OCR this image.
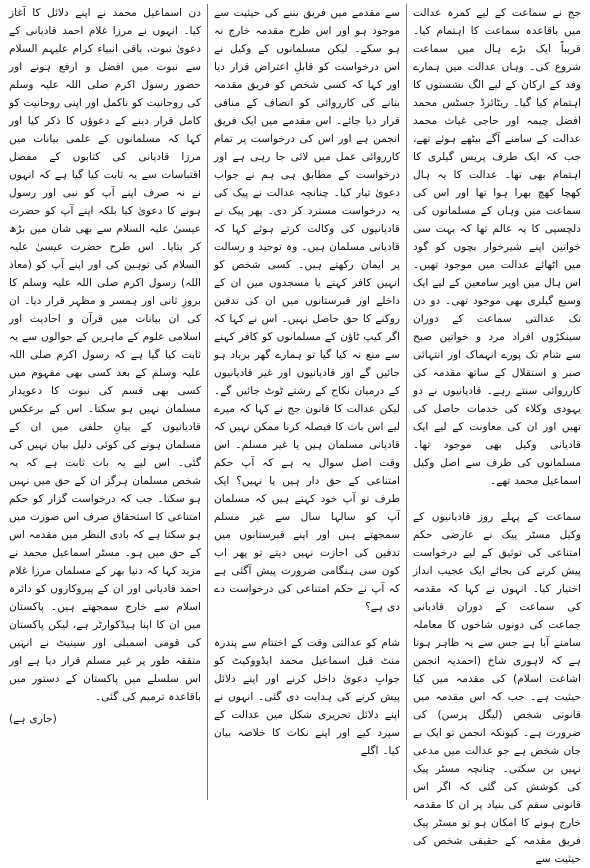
جج نے سماعت کے لیے کمرہ عدالت میں باقاعدہ سماعت کا اہتمام کیا۔ قریباً ایک بڑے ہال میں سماعت شروع کی۔ وہاں عدالت میں ہمارے وفد کے ارکان کے لیے الگ نشستوں کا اہتمام کیا گیا۔ ریٹائرڈ جسٹس محمد افضل چیمہ اور حاجی غیاث محمد عدالت کے سامنے آگے بیٹھے ہوئے تھے، جب کہ ایک طرف پریس گیلری کا اہتمام بھی تھا۔ عدالت کا یہ ہال کھچا کھچ بھرا ہوا تھا اور اس کی سماعت میں وہاں کے مسلمانوں کی دلچسپی کا یہ عالم تھا کہ بہت سی خواتین اپنے شیرخوار بچوں کو گود میں اٹھائے عدالت میں موجود تھیں۔ اس ہال میں اوپر سامعین کے لیے ایک وسیع گیلری بھی موجود تھی۔ دو دن تک عدالتی سماعت کے دوران سینکڑوں افراد مرد و خواتین صبح سے شام تک پورے انہماک اور انتہائی صبر و استقلال کے ساتھ مقدمہ کی کارروائی سنتے رہے۔ قادیانیوں نے دو یہودی وکلاء کی خدمات حاصل کی تھیں اور ان کی معاونت کے لیے ایک قادیانی وکیل بھی موجود تھا۔ مسلمانوں کی طرف سے اصل وکیل اسماعیل محمد تھے۔

سماعت کے پہلے روز قادیانیوں کے وکیل مسٹر پیک نے عارضی حکم امتناعی کی توثیق کے لیے درخواست پیش کرنے کی بجائے ایک عجیب انداز اختیار کیا۔ انہوں نے کہا کہ مقدمہ کی سماعت کے دوران قادیانی جماعت کی دونوں شاخوں کا معاملہ سامنے آیا ہے جس سے یہ ظاہر ہوتا ہے کہ لاہوری شاخ (احمدیہ انجمن اشاعت اسلام) کی مقدمہ میں کیا حیثیت ہے۔ جب کہ اس مقدمہ میں قانونی شخص (لیگل پرسن) کی ضرورت ہے۔ کیونکہ انجمن تو ایک بے جان شخص ہے جو عدالت میں مدعی نہیں بن سکتی۔ چنانچہ مسٹر پیک کی کوشش کی گئی کہ اگر اس قانونی سقم کی بنیاد پر ان کا مقدمہ خارج ہونے کا امکان ہو تو مسٹر پیک فریق مقدمہ کے حقیقی شخص کی حیثیت سے

سے مقدمے میں فریق بننے کی حیثیت سے موجود ہو اور اس طرح مقدمہ خارج نہ ہو سکے۔ لیکن مسلمانوں کے وکیل نے اس درخواست کو قابلِ اعتراض قرار دیا اور کہا کہ کسی شخص کو فریق مقدمہ بنانے کی کارروائی کو انصاف کے منافی قرار دیا جائے۔ اس مقدمے میں ایک فریق انجمن ہے اور اس کی درخواست پر تمام کارروائی عمل میں لائی جا رہی ہے اور درخواست کے مطابق ہی ہم نے جواب دعویٰ تیار کیا۔ چنانچہ عدالت نے پیک کی یہ درخواست مسترد کر دی۔ پھر پیک نے قادیانیوں کی وکالت کرتے ہوئے کہا کہ قادیانی مسلمان ہیں۔ وہ توحید و رسالت پر ایمان رکھتے ہیں۔ کسی شخص کو انہیں کافر کہنے یا مسجدوں میں ان کے داخلے اور قبرستانوں میں ان کی تدفین روکنے کا حق حاصل نہیں۔ اس نے کہا کہ اگر کیپ ٹاؤن کے مسلمانوں کو کافر کہنے سے منع نہ کیا گیا تو ہمارے گھر برباد ہو جائیں گے اور قادیانیوں اور غیر قادیانیوں کے درمیان نکاح کے رشتے ٹوٹ جائیں گے۔ لیکن عدالت کا قانون جج نے کہا کہ میرے لیے اس بات کا فیصلہ کرنا ممکن نہیں کہ قادیانی مسلمان ہیں یا غیر مسلم۔ اس وقت اصل سوال یہ ہے کہ آپ حکم امتناعی کے حق دار ہیں یا نہیں؟ ایک طرف تو آپ خود کہتے ہیں کہ مسلمان آپ کو سالہا سال سے غیر مسلم سمجھتے ہیں اور اپنے قبرستانوں میں تدفین کی اجازت نہیں دیتے تو پھر اب کون سی ہنگامی ضرورت پیش آگئی ہے کہ آپ نے حکم امتناعی کی درخواست دے دی ہے؟

شام کو عدالتی وقت کے اختتام سے پندرہ منٹ قبل اسماعیل محمد ایڈووکیٹ کو جوابِ دعویٰ داخل کرنے اور اپنے دلائل پیش کرنے کی ہدایت دی گئی۔ انہوں نے اپنے دلائل تحریری شکل میں عدالت کے سپرد کیے اور اپنے نکات کا خلاصہ بیان کیا۔ اگلے

دن اسماعیل محمد نے اپنے دلائل کا آغاز کیا۔ انہوں نے مرزا غلام احمد قادیانی کے دعویٰ نبوت، باقی انبیاء کرام علیہم السلام سے نبوت میں افضل و ارفع ہونے اور حضور رسول اکرم صلی اللہ علیہ وسلم کی روحانیت کو ناکمل اور اپنی روحانیت کو کامل قرار دینے کے دعوؤں کا ذکر کیا اور کہا کہ مسلمانوں کے علمی بیانات میں مرزا قادیانی کی کتابوں کے مفصل اقتباسات سے یہ ثابت کیا گیا ہے کہ انہوں نے نہ صرف اپنے آپ کو نبی اور رسول ہونے کا دعویٰ کیا بلکہ اپنے آپ کو حضرت عیسیٰ علیہ السلام سے بھی شان میں بڑھ کر بتایا۔ اس طرح حضرت عیسیٰ علیہ السلام کی توہین کی اور اپنے آپ کو (معاذ اللہ) رسول اکرم صلی اللہ علیہ وسلم کا بروزِ ثانی اور ہمسر و مظہر قرار دیا۔ ان کی ان بیانات میں قرآن و احادیث اور اسلامی علوم کے ماہرین کے حوالوں سے یہ ثابت کیا گیا ہے کہ رسول اکرم صلی اللہ علیہ وسلم کے بعد کسی بھی مفہوم میں کسی بھی قسم کی نبوت کا دعویدار مسلمان نہیں ہو سکتا۔ اس کے برعکس قادیانیوں کے بیانِ حلفی میں ان کے مسلمان ہونے کی کوئی دلیل بیان نہیں کی گئی۔ اس لیے یہ بات ثابت ہے کہ یہ شخص مسلمان ہرگز ان کے حق میں نہیں ہو سکتا۔ جب کہ درخواست گزار کو حکم امتناعی کا استحقاق صرف اس صورت میں ہو سکتا ہے کہ بادی النظر میں مقدمہ اس کے حق میں ہو۔ مسٹر اسماعیل محمد نے مزید کہا کہ دنیا بھر کے مسلمان مرزا غلام احمد قادیانی اور ان کے پیروکاروں کو دائرہ اسلام سے خارج سمجھتے ہیں۔ پاکستان میں ان کا اپنا ہیڈکوارٹر ہے، لیکن پاکستان کی قومی اسمبلی اور سینیٹ نے انہیں متفقہ طور پر غیر مسلم قرار دیا ہے اور اس سلسلے میں پاکستان کے دستور میں باقاعدہ ترمیم کی گئی۔

(جاری ہے)
